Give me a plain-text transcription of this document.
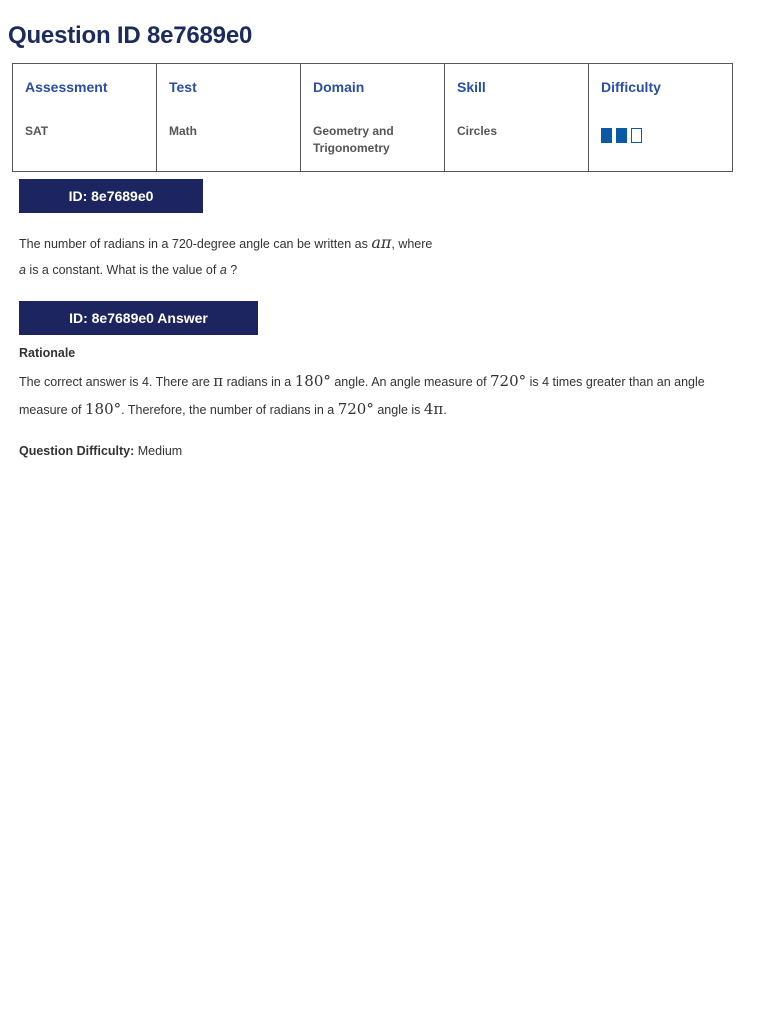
Question ID 8e7689e0
Assessment	Test	Domain	Skill	Difficulty
SAT	Math	Geometry and Trigonometry	Circles	
ID: 8e7689e0
The number of radians in a 720-degree angle can be written as aπ, where
a is a constant. What is the value of a ?
ID: 8e7689e0 Answer
Rationale
The correct answer is 4. There are π radians in a 180° angle. An angle measure of 720° is 4 times greater than an angle measure of 180°. Therefore, the number of radians in a 720° angle is 4π.
Question Difficulty: Medium
